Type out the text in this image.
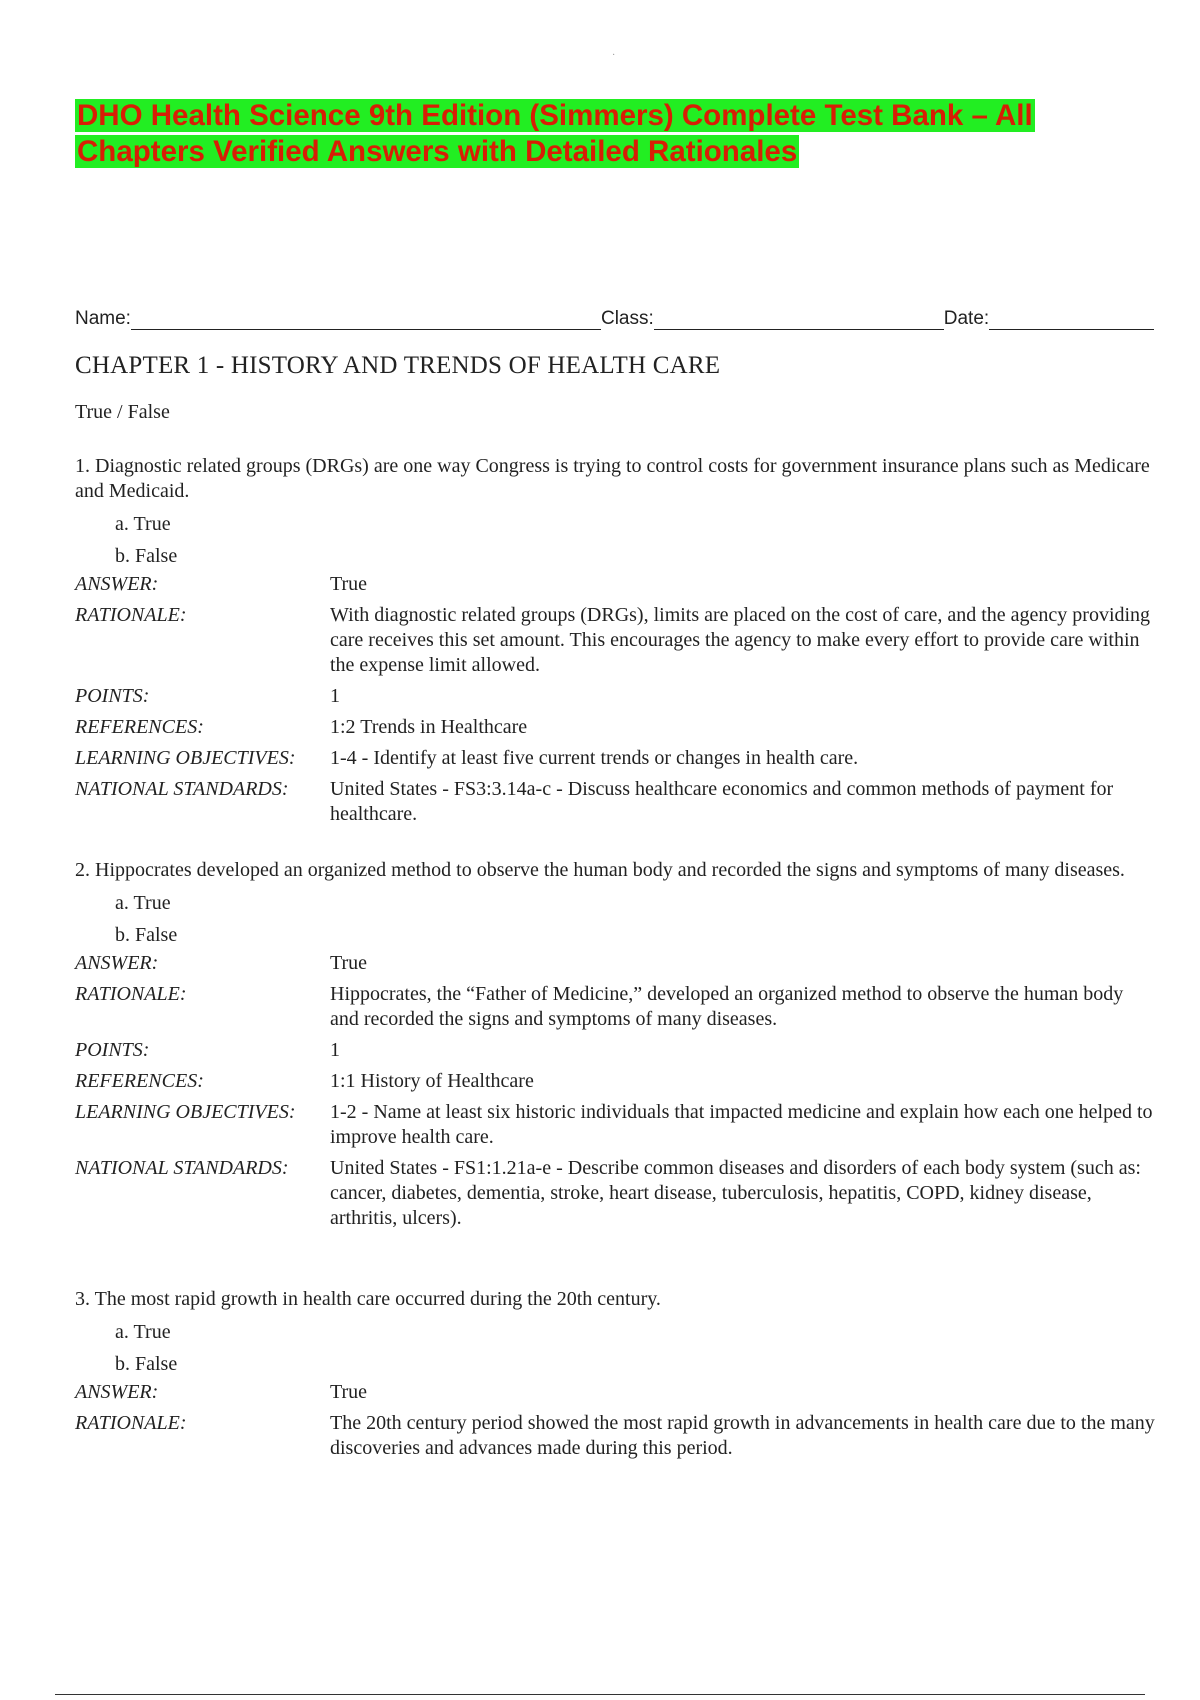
·
DHO Health Science 9th Edition (Simmers) Complete Test Bank – All Chapters Verified Answers with Detailed Rationales
Name:	Class:	Date:
CHAPTER 1 - HISTORY AND TRENDS OF HEALTH CARE
True / False

1. Diagnostic related groups (DRGs) are one way Congress is trying to control costs for government insurance plans such as Medicare and Medicaid.

a. True
b. False
ANSWER:	True
RATIONALE:	With diagnostic related groups (DRGs), limits are placed on the cost of care, and the agency providing care receives this set amount. This encourages the agency to make every effort to provide care within the expense limit allowed.
POINTS:	1
REFERENCES:	1:2 Trends in Healthcare
LEARNING OBJECTIVES:	1-4 - Identify at least five current trends or changes in health care.
NATIONAL STANDARDS:	United States - FS3:3.14a-c - Discuss healthcare economics and common methods of payment for healthcare.

2. Hippocrates developed an organized method to observe the human body and recorded the signs and symptoms of many diseases.

a. True
b. False
ANSWER:	True
RATIONALE:	Hippocrates, the “Father of Medicine,” developed an organized method to observe the human body and recorded the signs and symptoms of many diseases.
POINTS:	1
REFERENCES:	1:1 History of Healthcare
LEARNING OBJECTIVES:	1-2 - Name at least six historic individuals that impacted medicine and explain how each one helped to improve health care.
NATIONAL STANDARDS:	United States - FS1:1.21a-e - Describe common diseases and disorders of each body system (such as: cancer, diabetes, dementia, stroke, heart disease, tuberculosis, hepatitis, COPD, kidney disease, arthritis, ulcers).

3. The most rapid growth in health care occurred during the 20th century.

a. True
b. False
ANSWER:	True
RATIONALE:	The 20th century period showed the most rapid growth in advancements in health care due to the many discoveries and advances made during this period.
